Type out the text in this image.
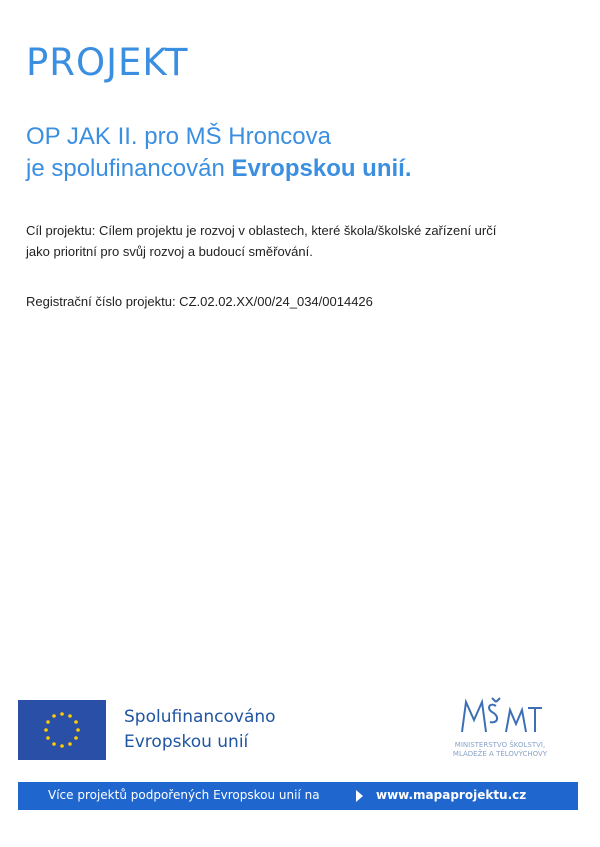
PROJEKT
OP JAK II. pro MŠ Hroncova
je spolufinancován Evropskou unií.
Cíl projektu: Cílem projektu je rozvoj v oblastech, které škola/školské zařízení určí
jako prioritní pro svůj rozvoj a budoucí směřování.
Registrační číslo projektu: CZ.02.02.XX/00/24_034/0014426
Spolufinancováno
Evropskou unií	MINISTERSTVO ŠKOLSTVÍ,
MLÁDEŽE A TĚLOVÝCHOVY
Více projektů podpořených Evropskou unií na	www.mapaprojektu.cz
